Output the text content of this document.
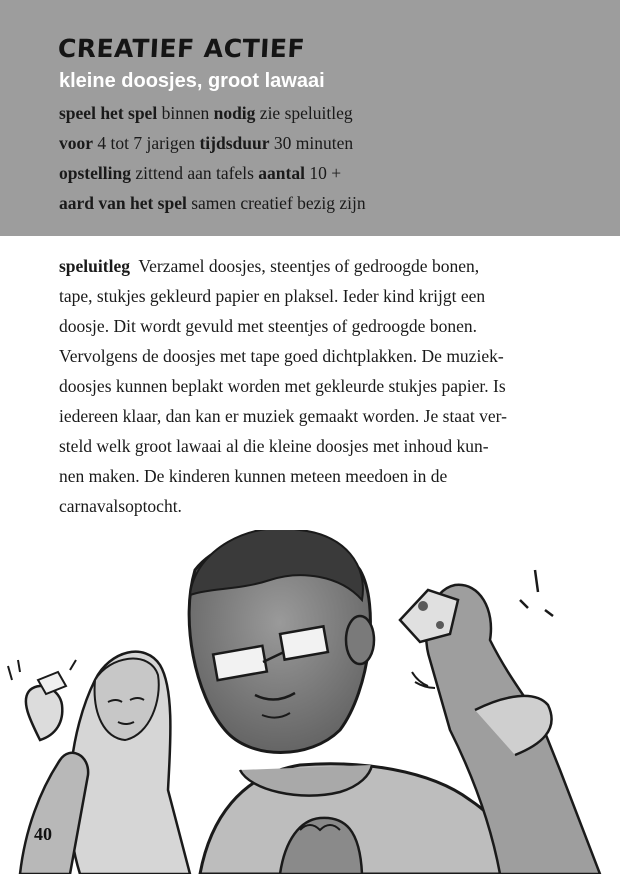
CREATIEF ACTIEF
kleine doosjes, groot lawaai
speel het spel binnen nodig zie speluitleg
voor 4 tot 7 jarigen tijdsduur 30 minuten
opstelling zittend aan tafels aantal 10 +
aard van het spel samen creatief bezig zijn

speluitleg Verzamel doosjes, steentjes of gedroogde bonen,

tape, stukjes gekleurd papier en plaksel. Ieder kind krijgt een

doosje. Dit wordt gevuld met steentjes of gedroogde bonen.

Vervolgens de doosjes met tape goed dichtplakken. De muziek-

doosjes kunnen beplakt worden met gekleurde stukjes papier. Is

iedereen klaar, dan kan er muziek gemaakt worden. Je staat ver-

steld welk groot lawaai al die kleine doosjes met inhoud kun-

nen maken. De kinderen kunnen meteen meedoen in de

carnavalsoptocht.

40
